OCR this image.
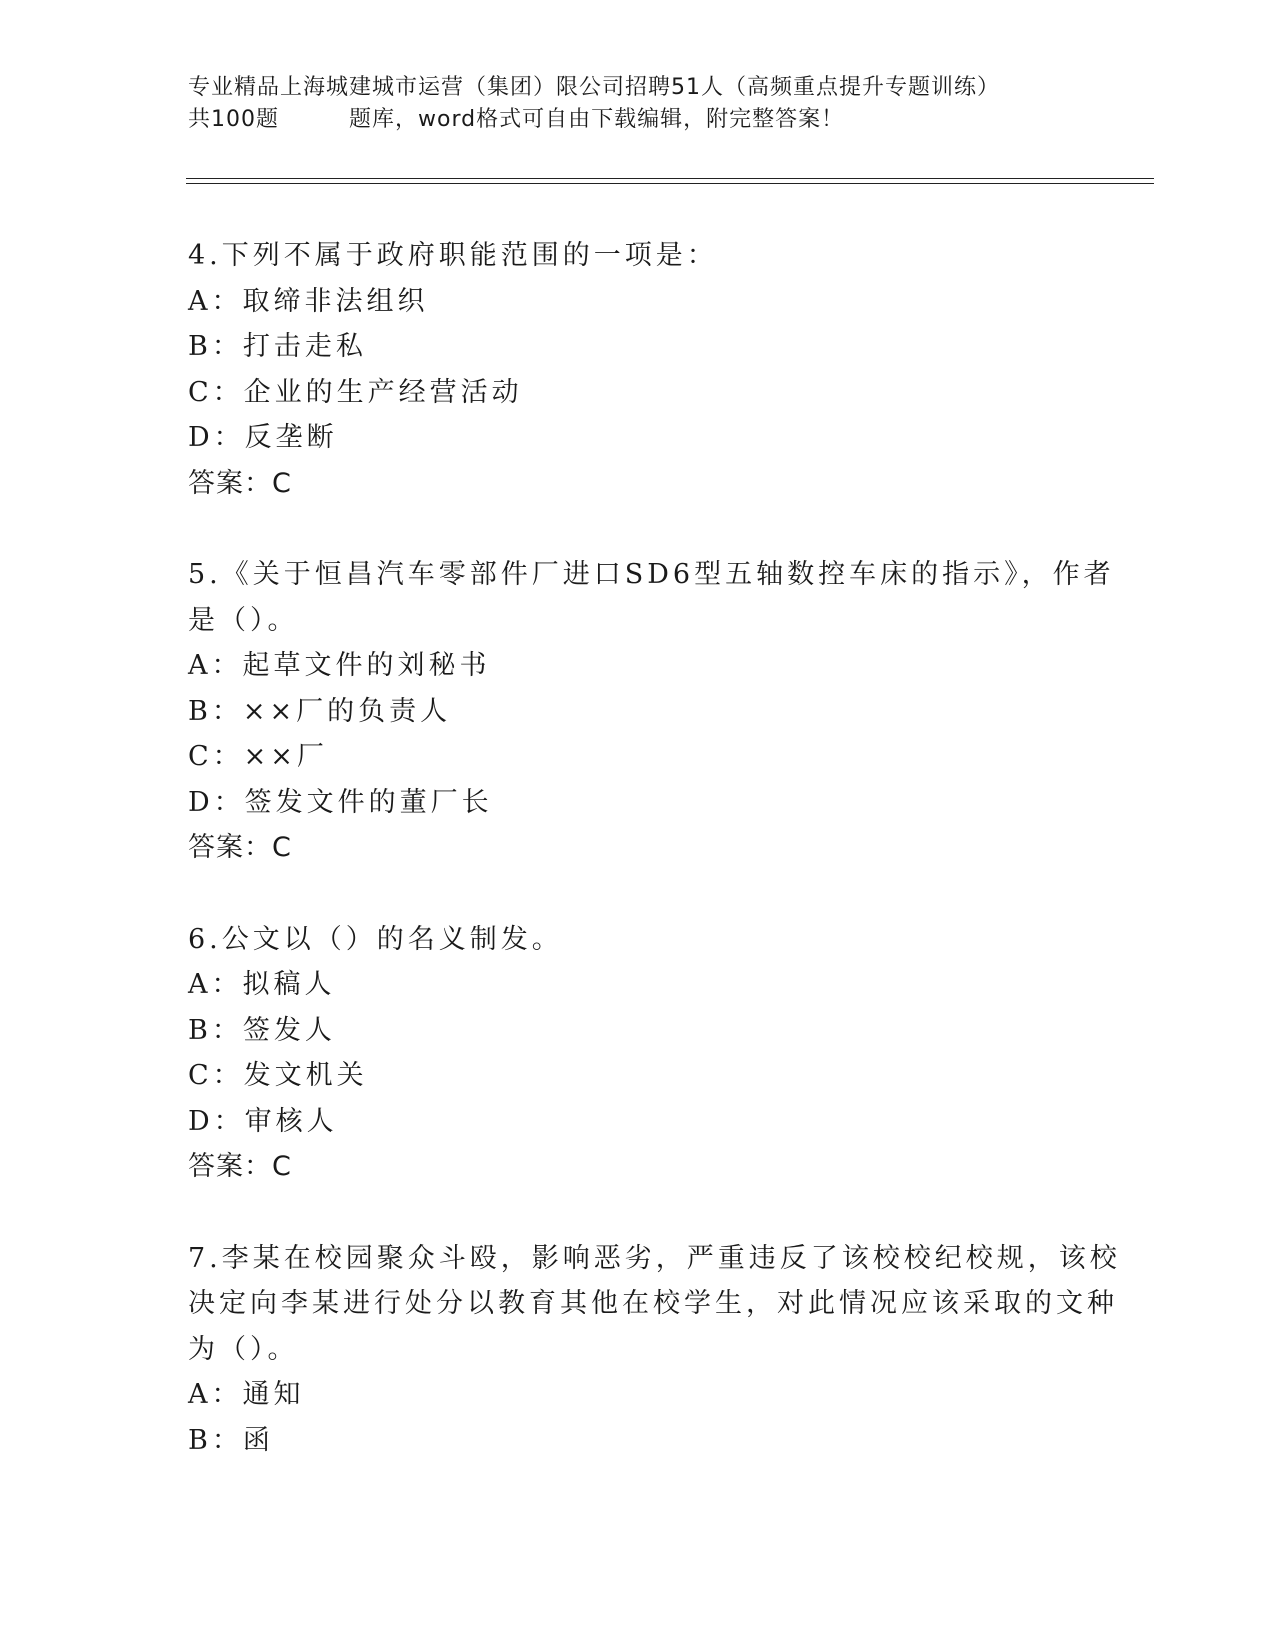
专业精品上海城建城市运营（集团）限公司招聘51人（高频重点提升专题训练）
共100题	题库，word格式可自由下载编辑，附完整答案！
4.下列不属于政府职能范围的一项是：
A：取缔非法组织
B：打击走私
C：企业的生产经营活动
D：反垄断
答案：C
5.《关于恒昌汽车零部件厂进口SD6型五轴数控车床的指示》，作者
是（）。
A：起草文件的刘秘书
B：××厂的负责人
C：××厂
D：签发文件的董厂长
答案：C
6.公文以（）的名义制发。
A：拟稿人
B：签发人
C：发文机关
D：审核人
答案：C
7.李某在校园聚众斗殴，影响恶劣，严重违反了该校校纪校规，该校
决定向李某进行处分以教育其他在校学生，对此情况应该采取的文种
为（）。
A：通知
B：函
